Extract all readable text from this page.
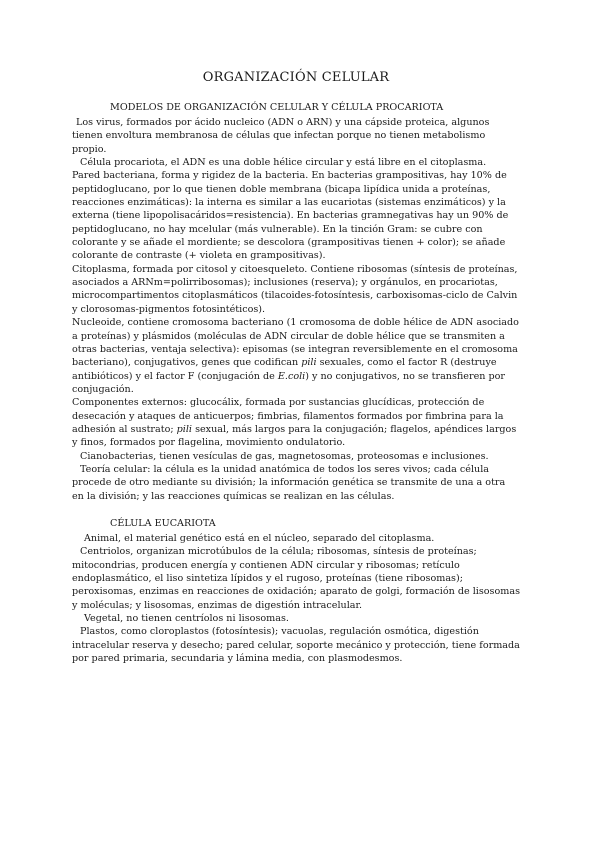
ORGANIZACIÓN CELULAR
MODELOS DE ORGANIZACIÓN CELULAR Y CÉLULA PROCARIOTA

Los virus, formados por ácido nucleico (ADN o ARN) y una cápside proteica, algunos tienen envoltura membranosa de células que infectan porque no tienen metabolismo propio.

Célula procariota, el ADN es una doble hélice circular y está libre en el citoplasma.

Pared bacteriana, forma y rigidez de la bacteria. En bacterias grampositivas, hay 10% de peptidoglucano, por lo que tienen doble membrana (bicapa lipídica unida a proteínas, reacciones enzimáticas): la interna es similar a las eucariotas (sistemas enzimáticos) y la externa (tiene lipopolisacáridos=resistencia). En bacterias gramnegativas hay un 90% de peptidoglucano, no hay mcelular (más vulnerable). En la tinción Gram: se cubre con colorante y se añade el mordiente; se descolora (grampositivas tienen + color); se añade colorante de contraste (+ violeta en grampositivas).

Citoplasma, formada por citosol y citoesqueleto. Contiene ribosomas (síntesis de proteínas, asociados a ARNm=polirribosomas); inclusiones (reserva); y orgánulos, en procariotas, microcompartimentos citoplasmáticos (tilacoides-fotosíntesis, carboxisomas-ciclo de Calvin y clorosomas-pigmentos fotosintéticos).

Nucleoide, contiene cromosoma bacteriano (1 cromosoma de doble hélice de ADN asociado a proteínas) y plásmidos (moléculas de ADN circular de doble hélice que se transmiten a otras bacterias, ventaja selectiva): episomas (se integran reversiblemente en el cromosoma bacteriano), conjugativos, genes que codifican pili sexuales, como el factor R (destruye antibióticos) y el factor F (conjugación de E.coli) y no conjugativos, no se transfieren por conjugación.

Componentes externos: glucocálix, formada por sustancias glucídicas, protección de desecación y ataques de anticuerpos; fimbrias, filamentos formados por fimbrina para la adhesión al sustrato; pili sexual, más largos para la conjugación; flagelos, apéndices largos y finos, formados por flagelina, movimiento ondulatorio.

Cianobacterias, tienen vesículas de gas, magnetosomas, proteosomas e inclusiones.

Teoría celular: la célula es la unidad anatómica de todos los seres vivos; cada célula procede de otro mediante su división; la información genética se transmite de una a otra en la división; y las reacciones químicas se realizan en las células.

CÉLULA EUCARIOTA

Animal, el material genético está en el núcleo, separado del citoplasma.

Centriolos, organizan microtúbulos de la célula; ribosomas, síntesis de proteínas; mitocondrias, producen energía y contienen ADN circular y ribosomas; retículo endoplasmático, el liso sintetiza lípidos y el rugoso, proteínas (tiene ribosomas); peroxisomas, enzimas en reacciones de oxidación; aparato de golgi, formación de lisosomas y moléculas; y lisosomas, enzimas de digestión intracelular.

Vegetal, no tienen centríolos ni lisosomas.

Plastos, como cloroplastos (fotosíntesis); vacuolas, regulación osmótica, digestión intracelular reserva y desecho; pared celular, soporte mecánico y protección, tiene formada por pared primaria, secundaria y lámina media, con plasmodesmos.
